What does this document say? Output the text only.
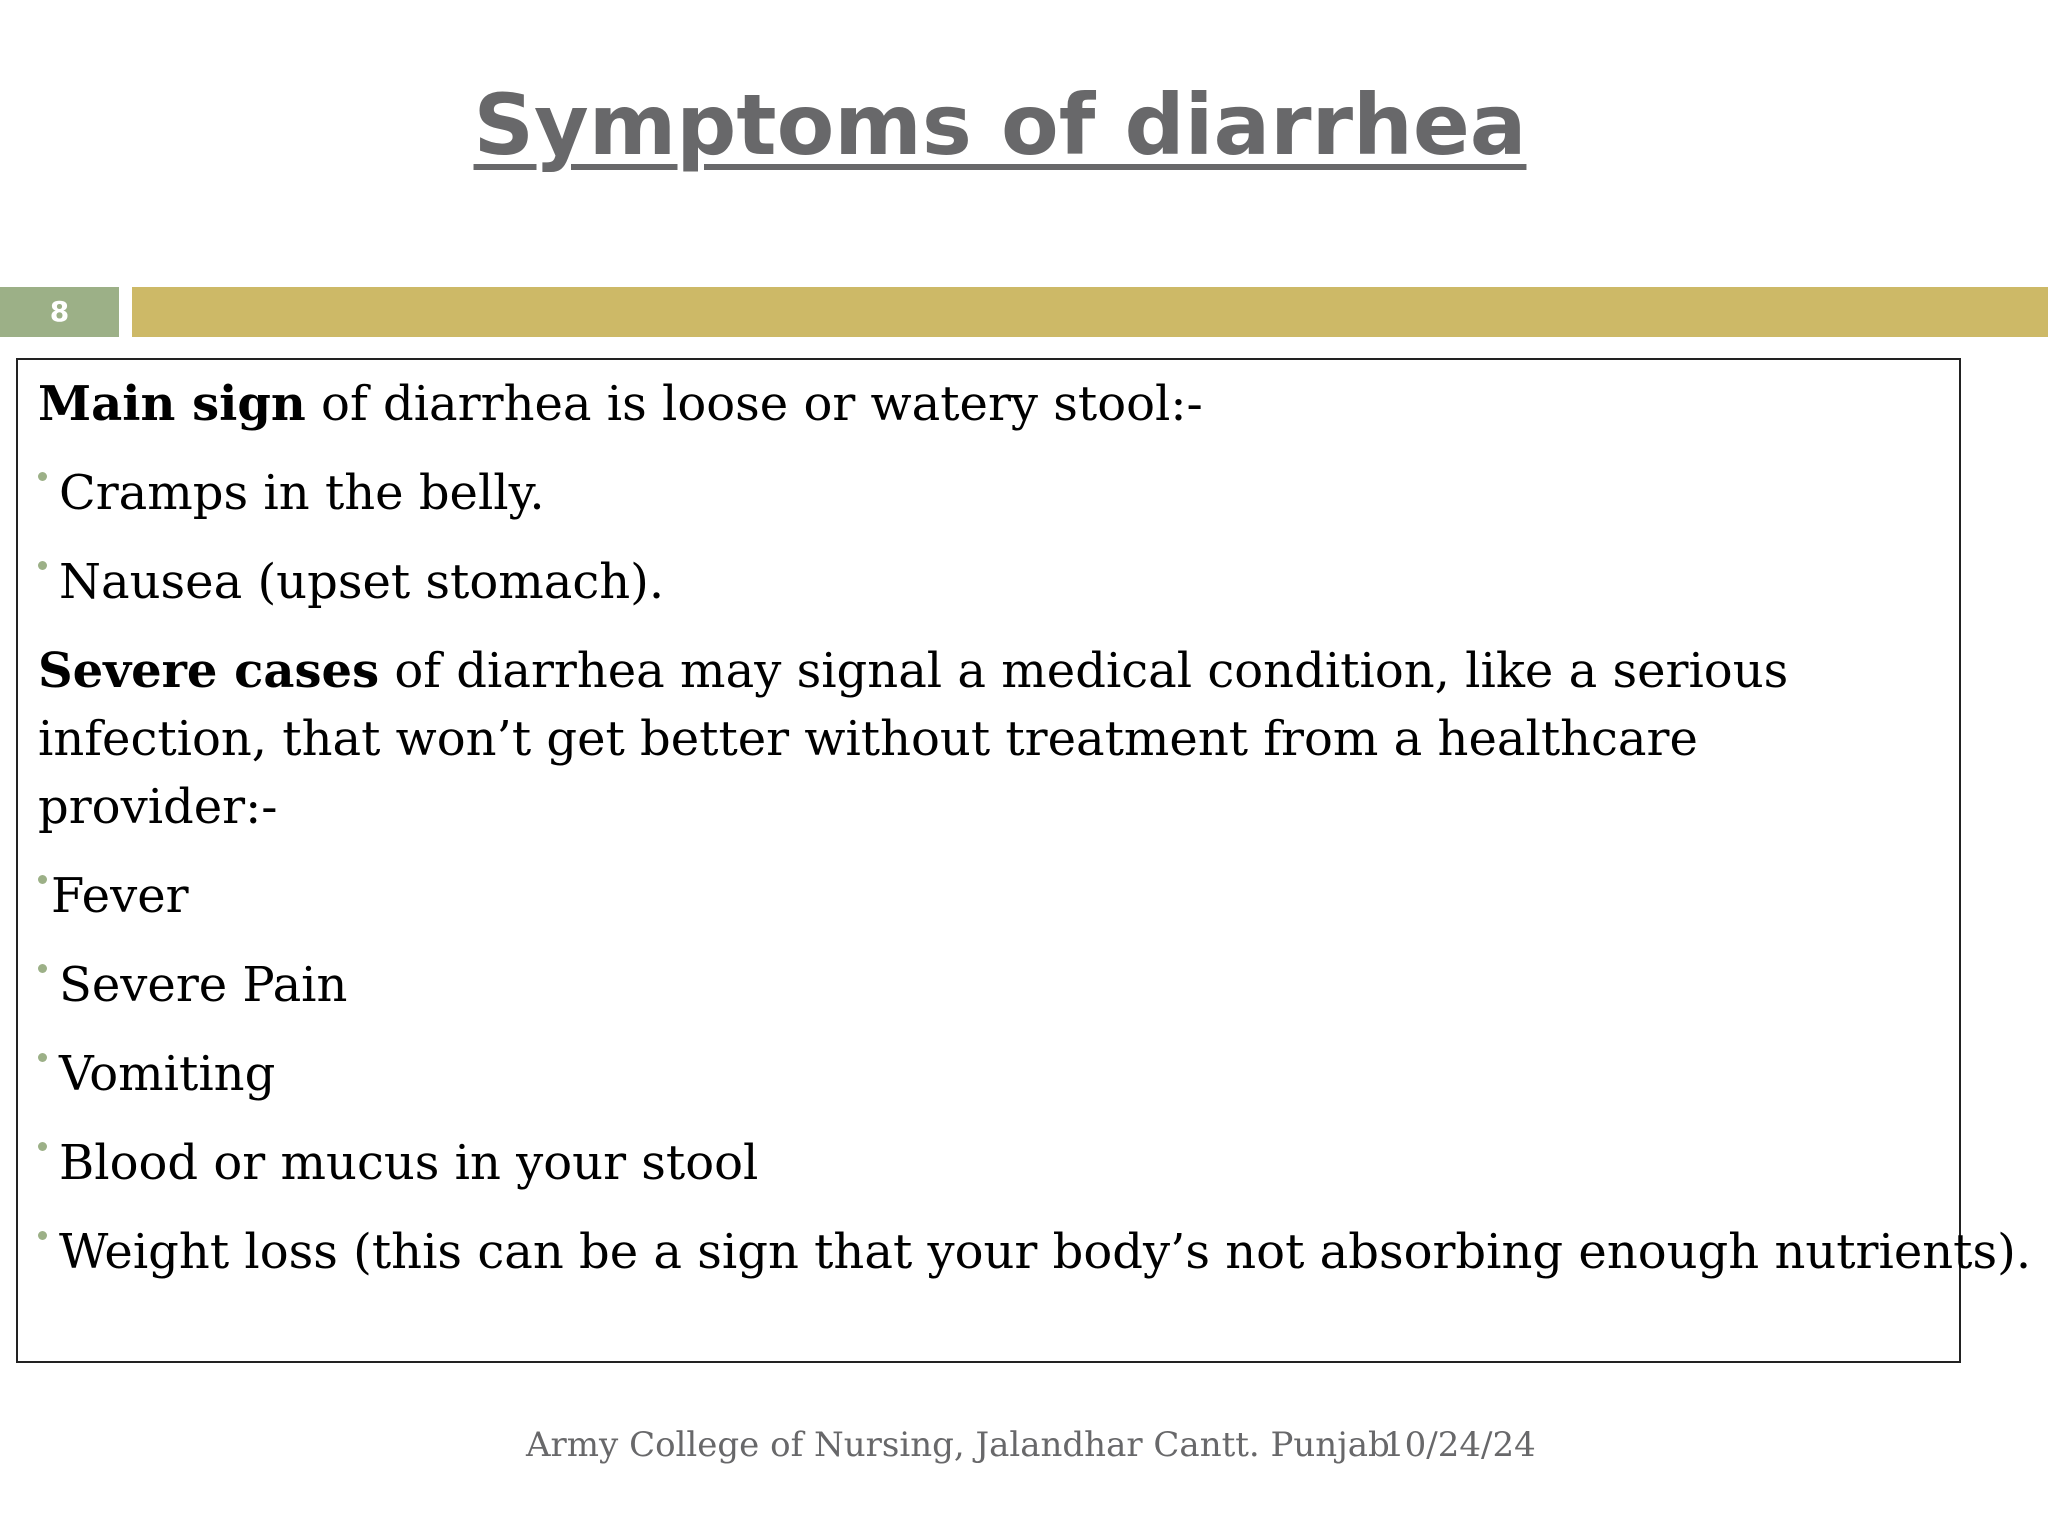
Symptoms of diarrhea
8

Main sign of diarrhea is loose or watery stool:-

Cramps in the belly.
Nausea (upset stomach).

Severe cases of diarrhea may signal a medical condition, like a serious infection, that won’t get better without treatment from a healthcare provider:-

Fever
Severe Pain
Vomiting
Blood or mucus in your stool
Weight loss (this can be a sign that your body’s not absorbing enough nutrients).
Army College of Nursing, Jalandhar Cantt. Punjab
10/24/24
